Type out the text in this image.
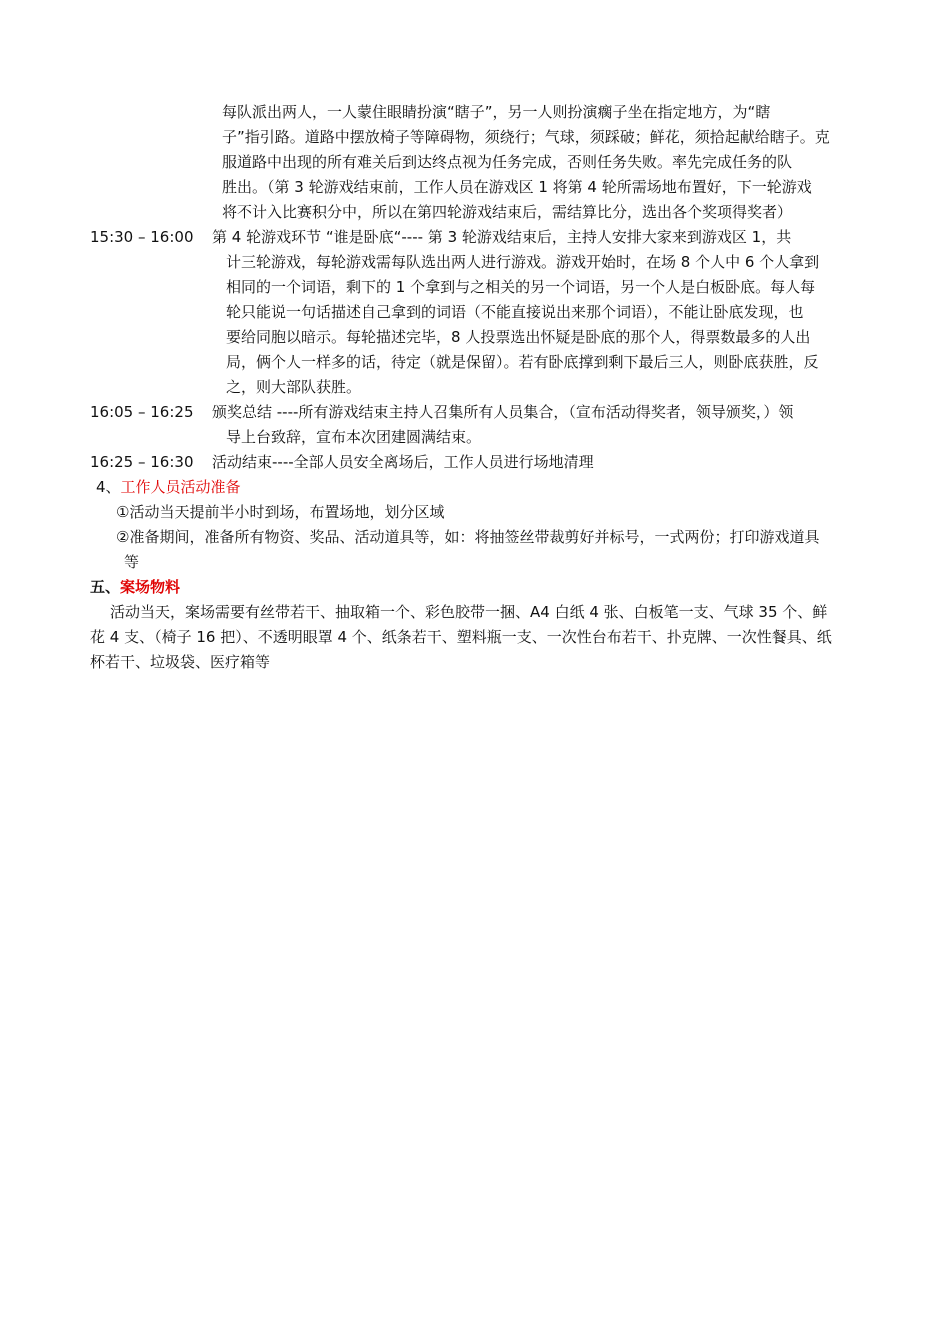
每队派出两人，一人蒙住眼睛扮演“瞎子”，另一人则扮演瘸子坐在指定地方，为“瞎
子”指引路。道路中摆放椅子等障碍物，须绕行；气球，须踩破；鲜花，须拾起献给瞎子。克
服道路中出现的所有难关后到达终点视为任务完成，否则任务失败。率先完成任务的队
胜出。（第 3 轮游戏结束前，工作人员在游戏区 1 将第 4 轮所需场地布置好，下一轮游戏
将不计入比赛积分中，所以在第四轮游戏结束后，需结算比分，选出各个奖项得奖者）
15:30 – 16:00 第 4 轮游戏环节 “谁是卧底“---- 第 3 轮游戏结束后，主持人安排大家来到游戏区 1，共
计三轮游戏，每轮游戏需每队选出两人进行游戏。游戏开始时，在场 8 个人中 6 个人拿到
相同的一个词语，剩下的 1 个拿到与之相关的另一个词语，另一个人是白板卧底。每人每
轮只能说一句话描述自己拿到的词语（不能直接说出来那个词语），不能让卧底发现，也
要给同胞以暗示。每轮描述完毕，8 人投票选出怀疑是卧底的那个人，得票数最多的人出
局，俩个人一样多的话，待定（就是保留）。若有卧底撑到剩下最后三人，则卧底获胜，反
之，则大部队获胜。
16:05 – 16:25 颁奖总结 ----所有游戏结束主持人召集所有人员集合，（宣布活动得奖者，领导颁奖，）领
导上台致辞，宣布本次团建圆满结束。
16:25 – 16:30 活动结束----全部人员安全离场后，工作人员进行场地清理
4、工作人员活动准备
①活动当天提前半小时到场，布置场地，划分区域
②准备期间，准备所有物资、奖品、活动道具等，如：将抽签丝带裁剪好并标号，一式两份；打印游戏道具
等
五、案场物料
活动当天，案场需要有丝带若干、抽取箱一个、彩色胶带一捆、A4 白纸 4 张、白板笔一支、气球 35 个、鲜
花 4 支、（椅子 16 把）、不透明眼罩 4 个、纸条若干、塑料瓶一支、一次性台布若干、扑克牌、一次性餐具、纸
杯若干、垃圾袋、医疗箱等
